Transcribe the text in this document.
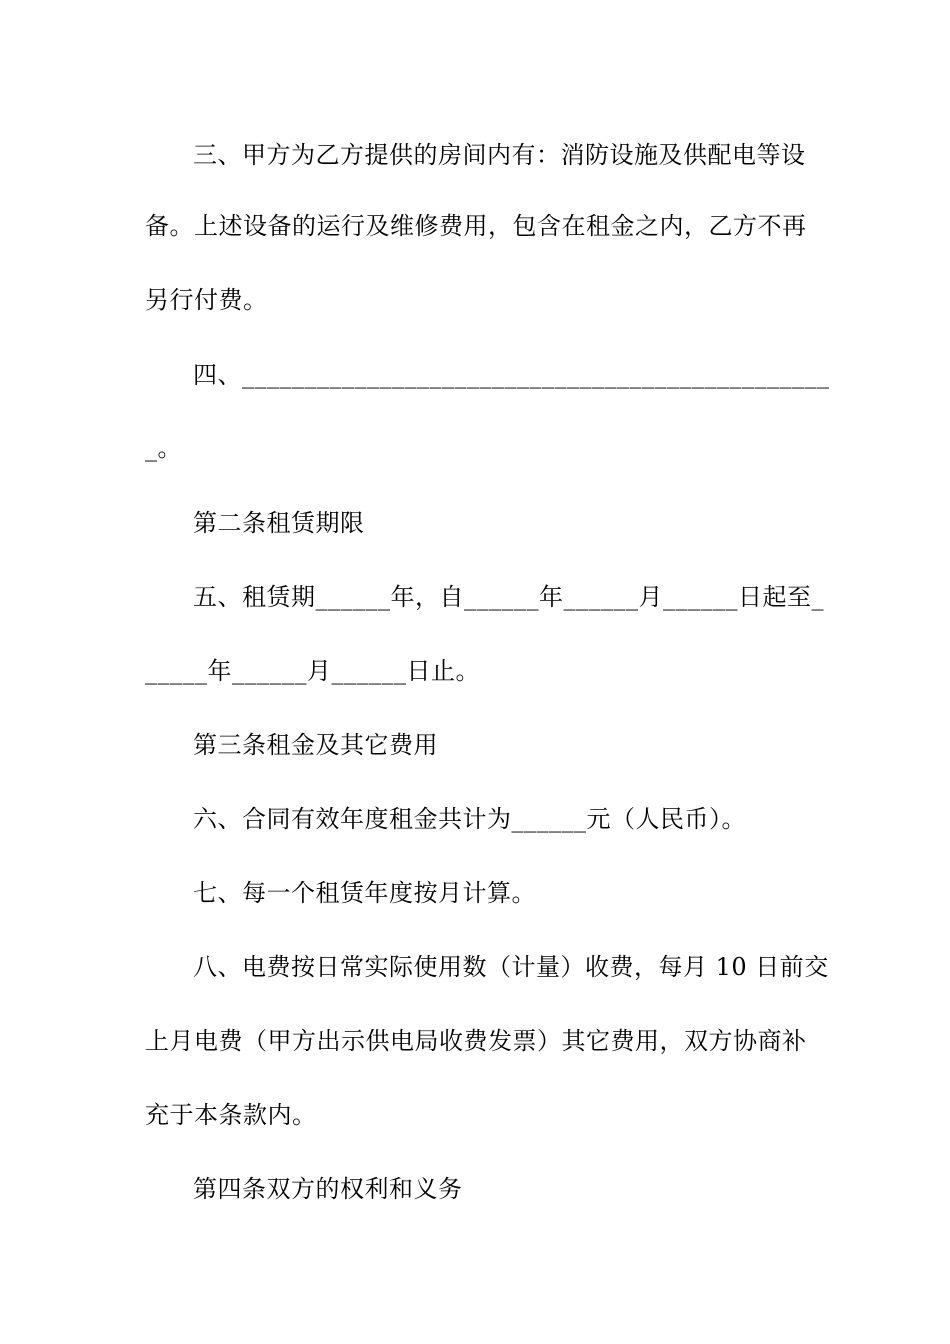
三、甲方为乙方提供的房间内有：消防设施及供配电等设
备。上述设备的运行及维修费用，包含在租金之内，乙方不再
另行付费。
四、_______________________________________________
_。
第二条租赁期限
五、租赁期______年，自______年______月______日起至_
_____年______月______日止。
第三条租金及其它费用
六、合同有效年度租金共计为______元（人民币）。
七、每一个租赁年度按月计算。
八、电费按日常实际使用数（计量）收费，每月 10 日前交
上月电费（甲方出示供电局收费发票）其它费用，双方协商补
充于本条款内。
第四条双方的权利和义务
